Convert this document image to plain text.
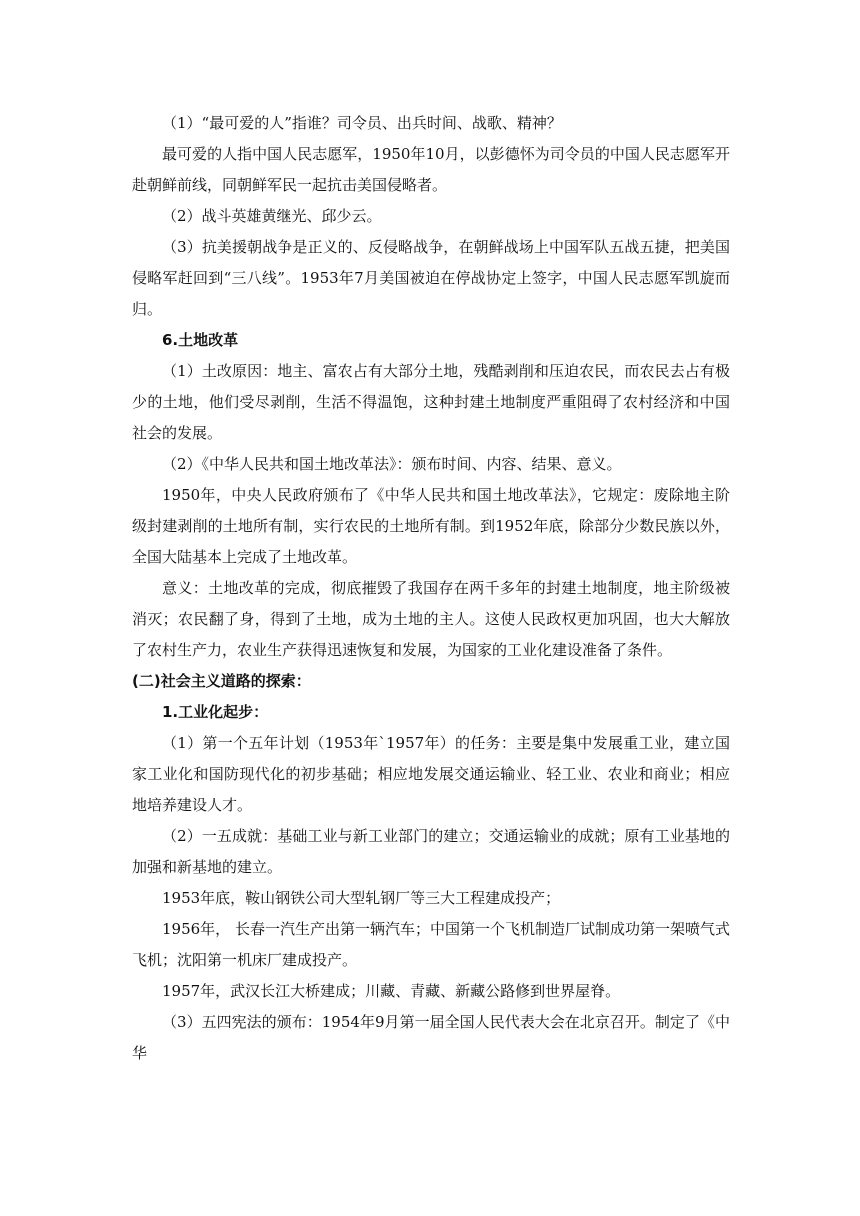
（1）“最可爱的人”指谁？司令员、出兵时间、战歌、精神？

最可爱的人指中国人民志愿军，1950年10月，以彭德怀为司令员的中国人民志愿军开赴朝鲜前线，同朝鲜军民一起抗击美国侵略者。

（2）战斗英雄黄继光、邱少云。

（3）抗美援朝战争是正义的、反侵略战争，在朝鲜战场上中国军队五战五捷，把美国侵略军赶回到“三八线”。1953年7月美国被迫在停战协定上签字，中国人民志愿军凯旋而归。

6.土地改革

（1）土改原因：地主、富农占有大部分土地，残酷剥削和压迫农民，而农民去占有极少的土地，他们受尽剥削，生活不得温饱，这种封建土地制度严重阻碍了农村经济和中国社会的发展。

（2）《中华人民共和国土地改革法》：颁布时间、内容、结果、意义。

1950年，中央人民政府颁布了《中华人民共和国土地改革法》，它规定：废除地主阶级封建剥削的土地所有制，实行农民的土地所有制。到1952年底，除部分少数民族以外，全国大陆基本上完成了土地改革。

意义：土地改革的完成，彻底摧毁了我国存在两千多年的封建土地制度，地主阶级被消灭；农民翻了身，得到了土地，成为土地的主人。这使人民政权更加巩固，也大大解放了农村生产力，农业生产获得迅速恢复和发展，为国家的工业化建设准备了条件。

(二)社会主义道路的探索：

1.工业化起步：

（1）第一个五年计划（1953年`1957年）的任务：主要是集中发展重工业，建立国家工业化和国防现代化的初步基础；相应地发展交通运输业、轻工业、农业和商业；相应地培养建设人才。

（2）一五成就：基础工业与新工业部门的建立；交通运输业的成就；原有工业基地的加强和新基地的建立。

1953年底，鞍山钢铁公司大型轧钢厂等三大工程建成投产；

1956年， 长春一汽生产出第一辆汽车；中国第一个飞机制造厂试制成功第一架喷气式飞机；沈阳第一机床厂建成投产。

1957年，武汉长江大桥建成；川藏、青藏、新藏公路修到世界屋脊。

（3）五四宪法的颁布：1954年9月第一届全国人民代表大会在北京召开。制定了《中华
